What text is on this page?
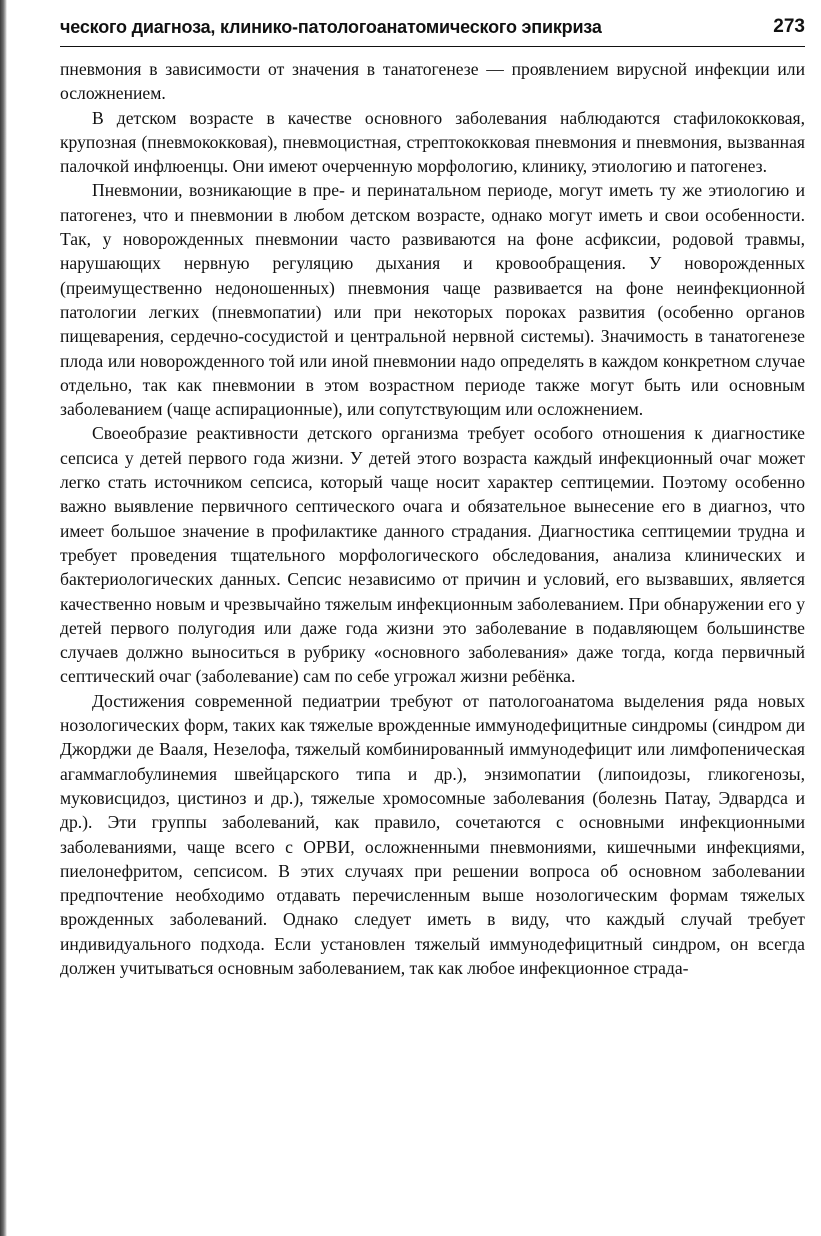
ческого диагноза, клинико-патологоанатомического эпикриза	273

пневмония в зависимости от значения в танатогенезе — проявлением вирусной инфекции или осложнением.

В детском возрасте в качестве основного заболевания наблюдаются стафилококковая, крупозная (пневмококковая), пневмоцистная, стрептококковая пневмония и пневмония, вызванная палочкой инфлюенцы. Они имеют очерченную морфологию, клинику, этиологию и патогенез.

Пневмонии, возникающие в пре- и перинатальном периоде, могут иметь ту же этиологию и патогенез, что и пневмонии в любом детском возрасте, однако могут иметь и свои особенности. Так, у новорожденных пневмонии часто развиваются на фоне асфиксии, родовой травмы, нарушающих нервную регуляцию дыхания и кровообращения. У новорожденных (преимущественно недоношенных) пневмония чаще развивается на фоне неинфекционной патологии легких (пневмопатии) или при некоторых пороках развития (особенно органов пищеварения, сердечно-сосудистой и центральной нервной системы). Значимость в танатогенезе плода или новорожденного той или иной пневмонии надо определять в каждом конкретном случае отдельно, так как пневмонии в этом возрастном периоде также могут быть или основным заболеванием (чаще аспирационные), или сопутствующим или осложнением.

Своеобразие реактивности детского организма требует особого отношения к диагностике сепсиса у детей первого года жизни. У детей этого возраста каждый инфекционный очаг может легко стать источником сепсиса, который чаще носит характер септицемии. Поэтому особенно важно выявление первичного септического очага и обязательное вынесение его в диагноз, что имеет большое значение в профилактике данного страдания. Диагностика септицемии трудна и требует проведения тщательного морфологического обследования, анализа клинических и бактериологических данных. Сепсис независимо от причин и условий, его вызвавших, является качественно новым и чрезвычайно тяжелым инфекционным заболеванием. При обнаружении его у детей первого полугодия или даже года жизни это заболевание в подавляющем большинстве случаев должно выноситься в рубрику «основного заболевания» даже тогда, когда первичный септический очаг (заболевание) сам по себе угрожал жизни ребёнка.

Достижения современной педиатрии требуют от патологоанатома выделения ряда новых нозологических форм, таких как тяжелые врожденные иммунодефицитные синдромы (синдром ди Джорджи де Вааля, Незелофа, тяжелый комбинированный иммунодефицит или лимфопеническая агаммаглобулинемия швейцарского типа и др.), энзимопатии (липоидозы, гликогенозы, муковисцидоз, цистиноз и др.), тяжелые хромосомные заболевания (болезнь Патау, Эдвардса и др.). Эти группы заболеваний, как правило, сочетаются с основными инфекционными заболеваниями, чаще всего с ОРВИ, осложненными пневмониями, кишечными инфекциями, пиелонефритом, сепсисом. В этих случаях при решении вопроса об основном заболевании предпочтение необходимо отдавать перечисленным выше нозологическим формам тяжелых врожденных заболеваний. Однако следует иметь в виду, что каждый случай требует индивидуального подхода. Если установлен тяжелый иммунодефицитный синдром, он всегда должен учитываться основным заболеванием, так как любое инфекционное страда-
